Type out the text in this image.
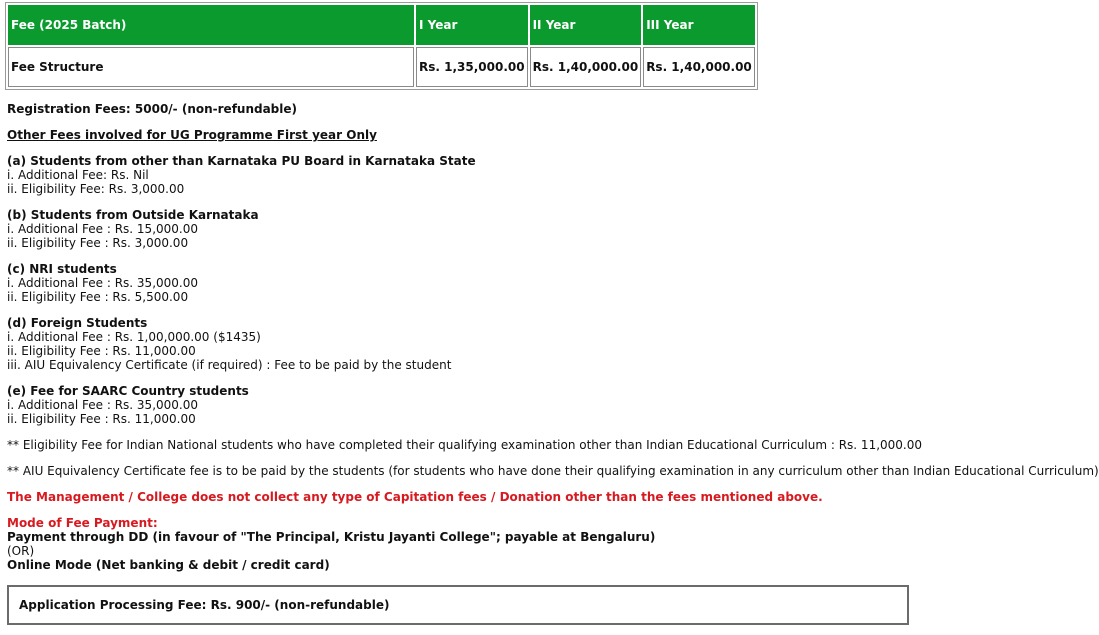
Fee (2025 Batch)	I Year	II Year	III Year
Fee Structure	Rs. 1,35,000.00	Rs. 1,40,000.00	Rs. 1,40,000.00
Registration Fees: 5000/- (non-refundable)
Other Fees involved for UG Programme First year Only
(a) Students from other than Karnataka PU Board in Karnataka State
i. Additional Fee: Rs. Nil
ii. Eligibility Fee: Rs. 3,000.00
(b) Students from Outside Karnataka
i. Additional Fee : Rs. 15,000.00
ii. Eligibility Fee : Rs. 3,000.00
(c) NRI students
i. Additional Fee : Rs. 35,000.00
ii. Eligibility Fee : Rs. 5,500.00
(d) Foreign Students
i. Additional Fee : Rs. 1,00,000.00 ($1435)
ii. Eligibility Fee : Rs. 11,000.00
iii. AIU Equivalency Certificate (if required) : Fee to be paid by the student
(e) Fee for SAARC Country students
i. Additional Fee : Rs. 35,000.00
ii. Eligibility Fee : Rs. 11,000.00
** Eligibility Fee for Indian National students who have completed their qualifying examination other than Indian Educational Curriculum : Rs. 11,000.00
** AIU Equivalency Certificate fee is to be paid by the students (for students who have done their qualifying examination in any curriculum other than Indian Educational Curriculum)
The Management / College does not collect any type of Capitation fees / Donation other than the fees mentioned above.
Mode of Fee Payment:
Payment through DD (in favour of "The Principal, Kristu Jayanti College"; payable at Bengaluru)
(OR)
Online Mode (Net banking & debit / credit card)
Application Processing Fee: Rs. 900/- (non-refundable)
